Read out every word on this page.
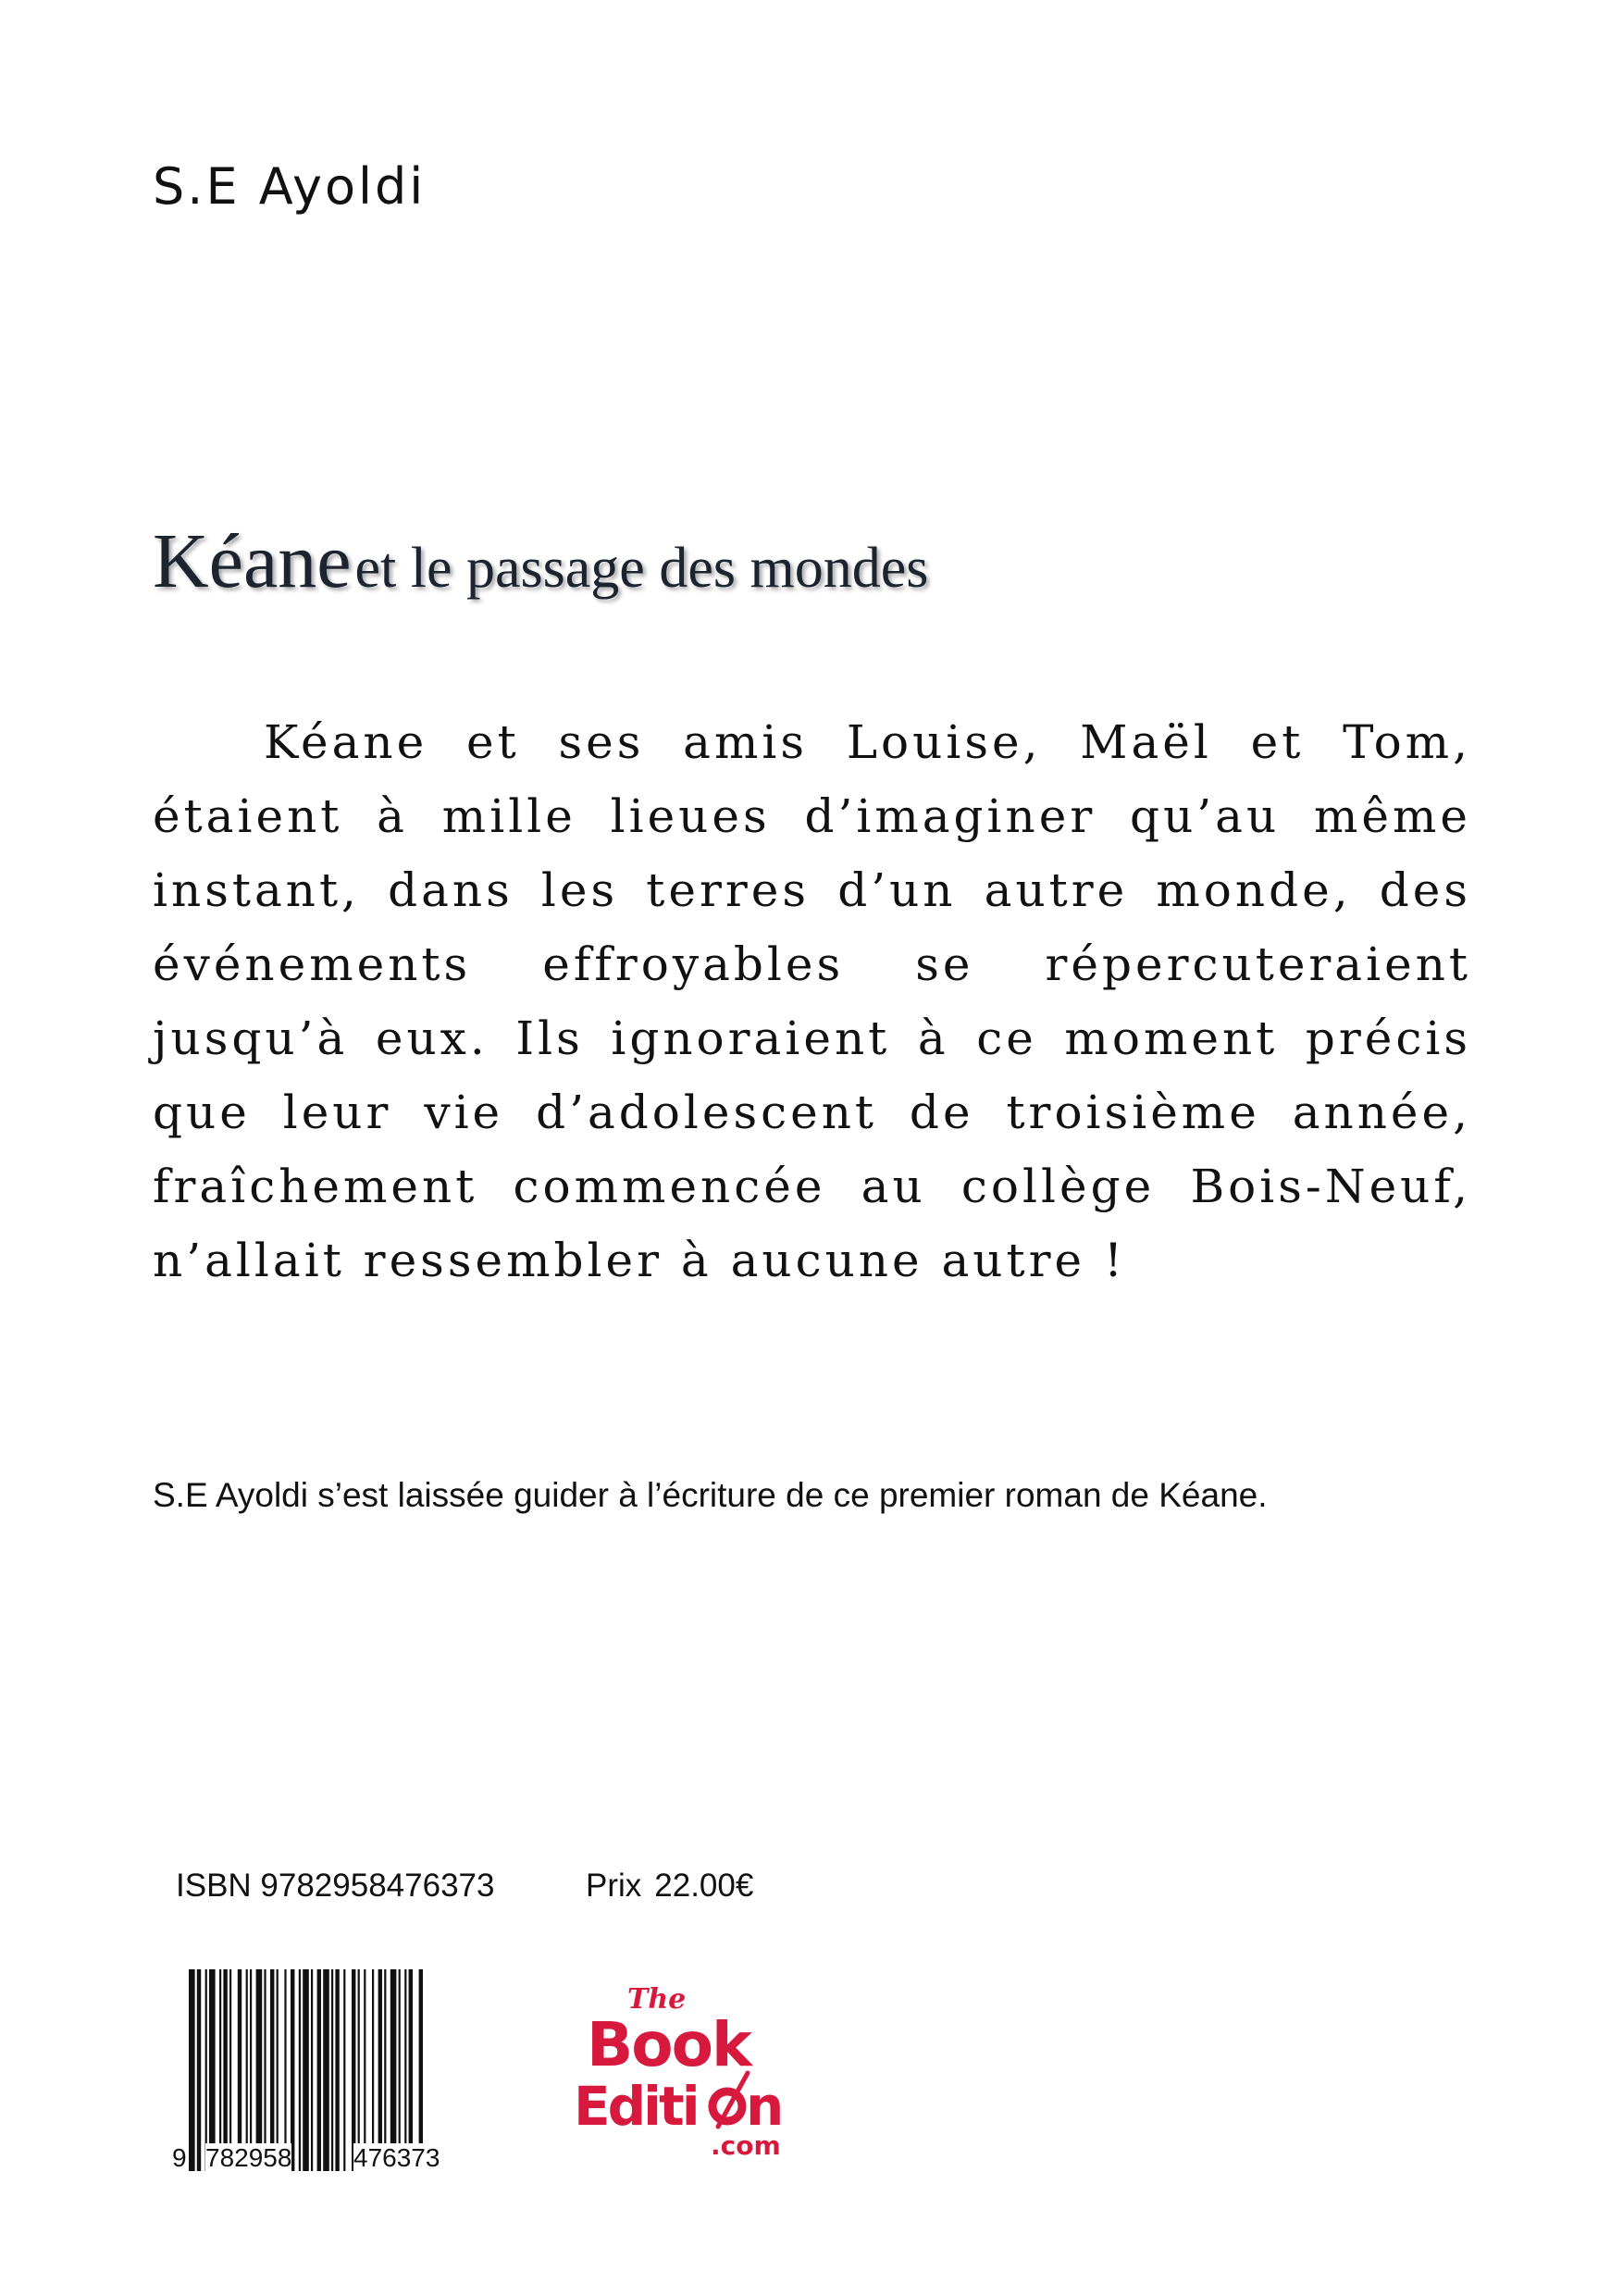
S.E Ayoldi
Kéane et le passage des mondes

Kéane et ses amis Louise, Maël et Tom, étaient à mille lieues d’imaginer qu’au même instant, dans les terres d’un autre monde, des événements effroyables se répercuteraient jusqu’à eux. Ils ignoraient à ce moment précis que leur vie d’adolescent de troisième année, fraîchement commencée au collège Bois-Neuf, n’allait ressembler à aucune autre !

S.E Ayoldi s’est laissée guider à l’écriture de ce premier roman de Kéane.
ISBN 9782958476373	Prix 22.00€
9 782958 476373
The
Book
Editi n
.com
